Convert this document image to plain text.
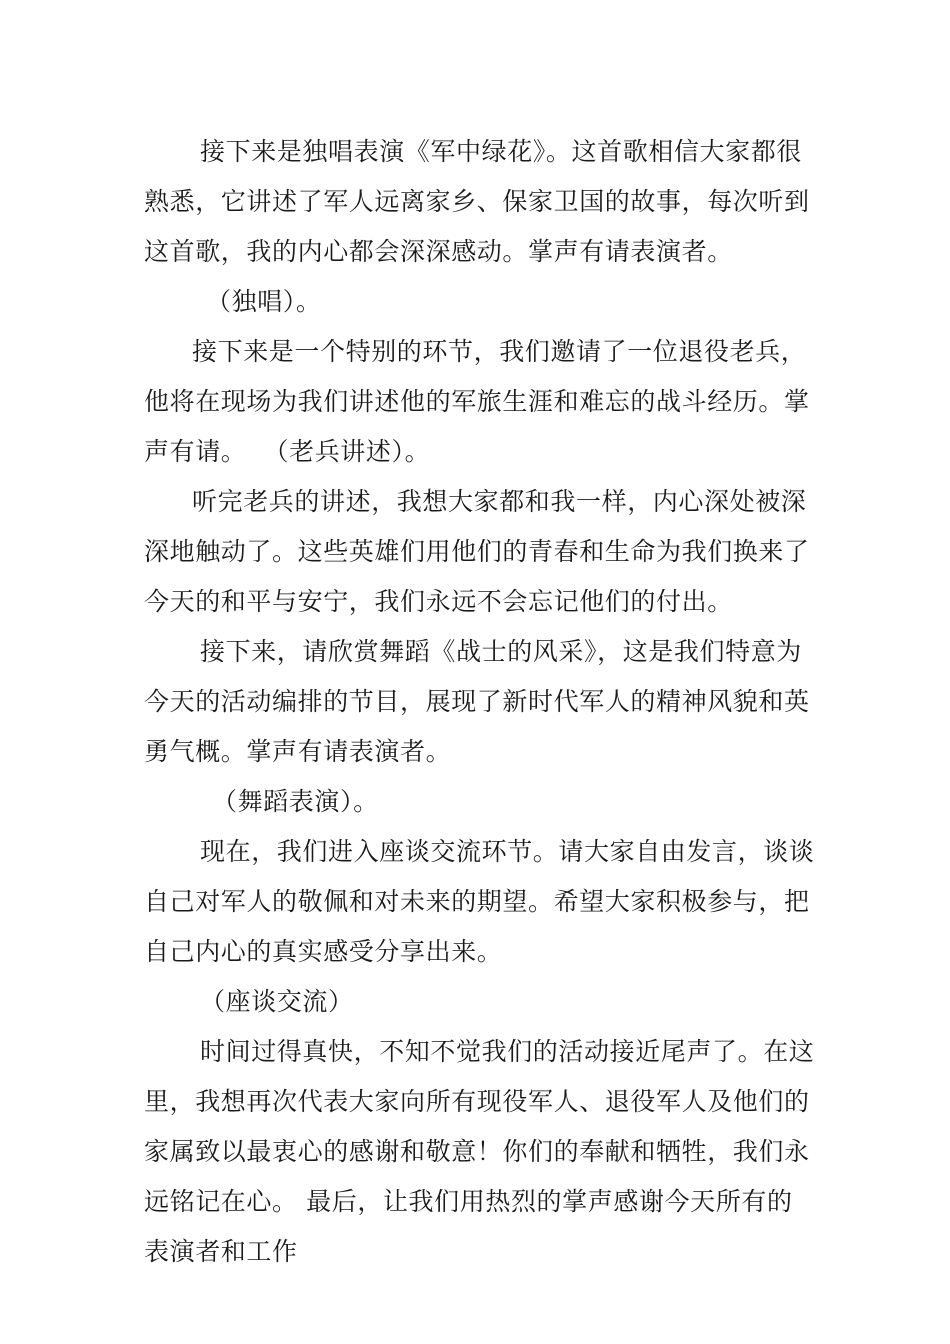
接下来是独唱表演《军中绿花》。这首歌相信大家都很熟悉，它讲述了军人远离家乡、保家卫国的故事，每次听到这首歌，我的内心都会深深感动。掌声有请表演者。

（独唱）。

接下来是一个特别的环节，我们邀请了一位退役老兵，他将在现场为我们讲述他的军旅生涯和难忘的战斗经历。掌声有请。  （老兵讲述）。

听完老兵的讲述，我想大家都和我一样，内心深处被深深地触动了。这些英雄们用他们的青春和生命为我们换来了今天的和平与安宁，我们永远不会忘记他们的付出。

接下来，请欣赏舞蹈《战士的风采》，这是我们特意为今天的活动编排的节目，展现了新时代军人的精神风貌和英勇气概。掌声有请表演者。

（舞蹈表演）。

现在，我们进入座谈交流环节。请大家自由发言，谈谈自己对军人的敬佩和对未来的期望。希望大家积极参与，把自己内心的真实感受分享出来。

（座谈交流）

时间过得真快，不知不觉我们的活动接近尾声了。在这里，我想再次代表大家向所有现役军人、退役军人及他们的家属致以最衷心的感谢和敬意！你们的奉献和牺牲，我们永远铭记在心。 最后，让我们用热烈的掌声感谢今天所有的表演者和工作
